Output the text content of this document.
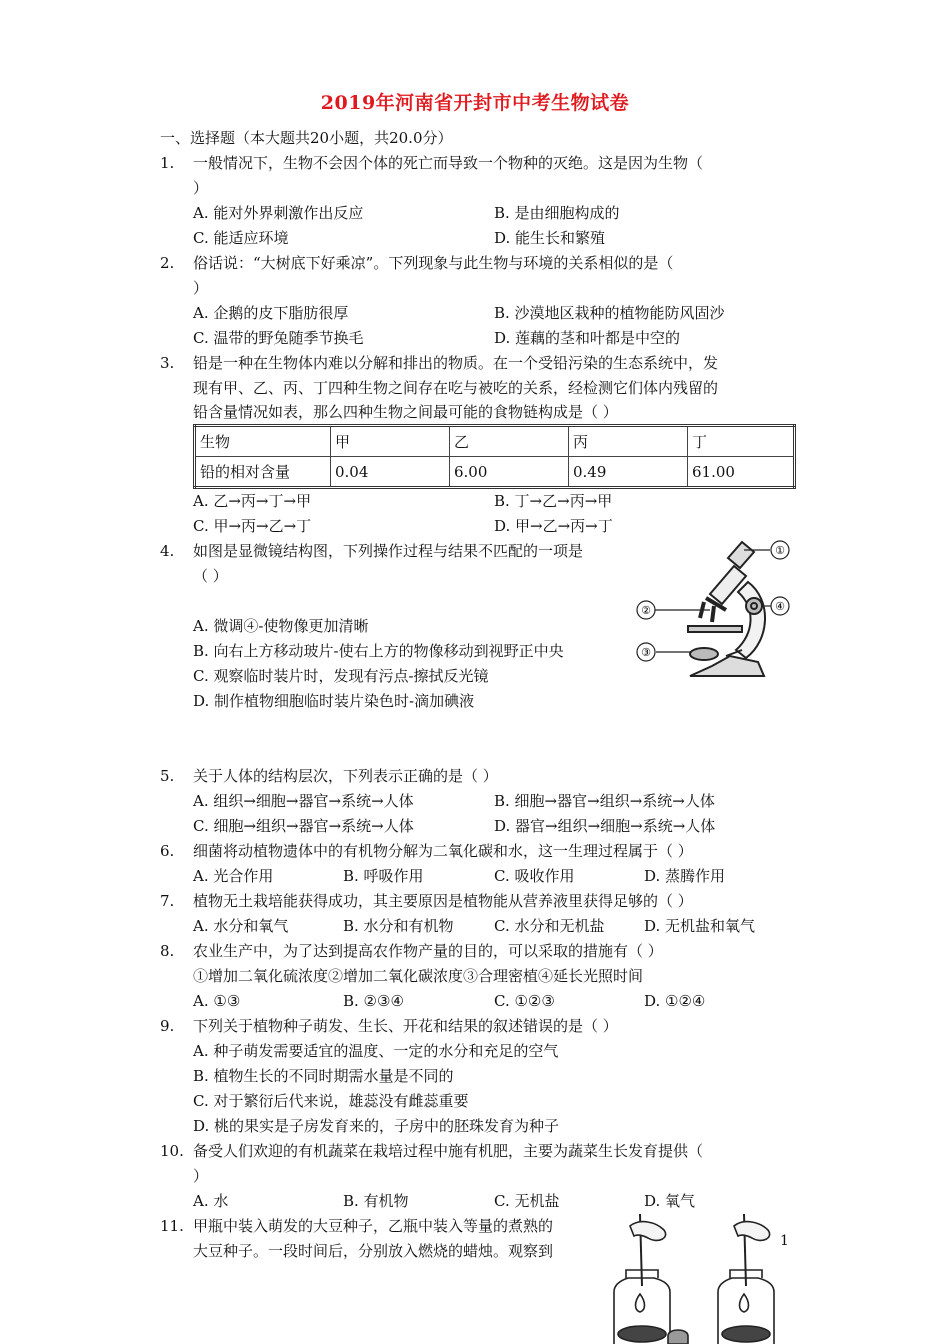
2019年河南省开封市中考生物试卷
一、选择题（本大题共20小题，共20.0分）
1. 一般情况下，生物不会因个体的死亡而导致一个物种的灭绝。这是因为生物（
）
A. 能对外界刺激作出反应	B. 是由细胞构成的
C. 能适应环境	D. 能生长和繁殖
2. 俗话说：“大树底下好乘凉”。下列现象与此生物与环境的关系相似的是（
）
A. 企鹅的皮下脂肪很厚	B. 沙漠地区栽种的植物能防风固沙
C. 温带的野兔随季节换毛	D. 莲藕的茎和叶都是中空的
3. 铅是一种在生物体内难以分解和排出的物质。在一个受铅污染的生态系统中，发
现有甲、乙、丙、丁四种生物之间存在吃与被吃的关系，经检测它们体内残留的
铅含量情况如表，那么四种生物之间最可能的食物链构成是（ ）
生物	甲	乙	丙	丁
铅的相对含量	0.04	6.00	0.49	61.00
A. 乙→丙→丁→甲	B. 丁→乙→丙→甲
C. 甲→丙→乙→丁	D. 甲→乙→丙→丁
4. 如图是显微镜结构图，下列操作过程与结果不匹配的一项是
（ ）
A. 微调④-使物像更加清晰
B. 向右上方移动玻片-使右上方的物像移动到视野正中央
C. 观察临时装片时，发现有污点-擦拭反光镜
D. 制作植物细胞临时装片染色时-滴加碘液
①
②
③
④
5. 关于人体的结构层次，下列表示正确的是（ ）
A. 组织→细胞→器官→系统→人体	B. 细胞→器官→组织→系统→人体
C. 细胞→组织→器官→系统→人体	D. 器官→组织→细胞→系统→人体
6. 细菌将动植物遗体中的有机物分解为二氧化碳和水，这一生理过程属于（ ）
A. 光合作用	B. 呼吸作用	C. 吸收作用	D. 蒸腾作用
7. 植物无土栽培能获得成功，其主要原因是植物能从营养液里获得足够的（ ）
A. 水分和氧气	B. 水分和有机物	C. 水分和无机盐	D. 无机盐和氧气
8. 农业生产中，为了达到提高农作物产量的目的，可以采取的措施有（ ）
①增加二氧化硫浓度②增加二氧化碳浓度③合理密植④延长光照时间
A. ①③	B. ②③④	C. ①②③	D. ①②④
9. 下列关于植物种子萌发、生长、开花和结果的叙述错误的是（ ）
A. 种子萌发需要适宜的温度、一定的水分和充足的空气
B. 植物生长的不同时期需水量是不同的
C. 对于繁衍后代来说，雄蕊没有雌蕊重要
D. 桃的果实是子房发育来的，子房中的胚珠发育为种子
10. 备受人们欢迎的有机蔬菜在栽培过程中施有机肥，主要为蔬菜生长发育提供（
）
A. 水	B. 有机物	C. 无机盐	D. 氧气
11. 甲瓶中装入萌发的大豆种子，乙瓶中装入等量的煮熟的
大豆种子。一段时间后，分别放入燃烧的蜡烛。观察到
1
